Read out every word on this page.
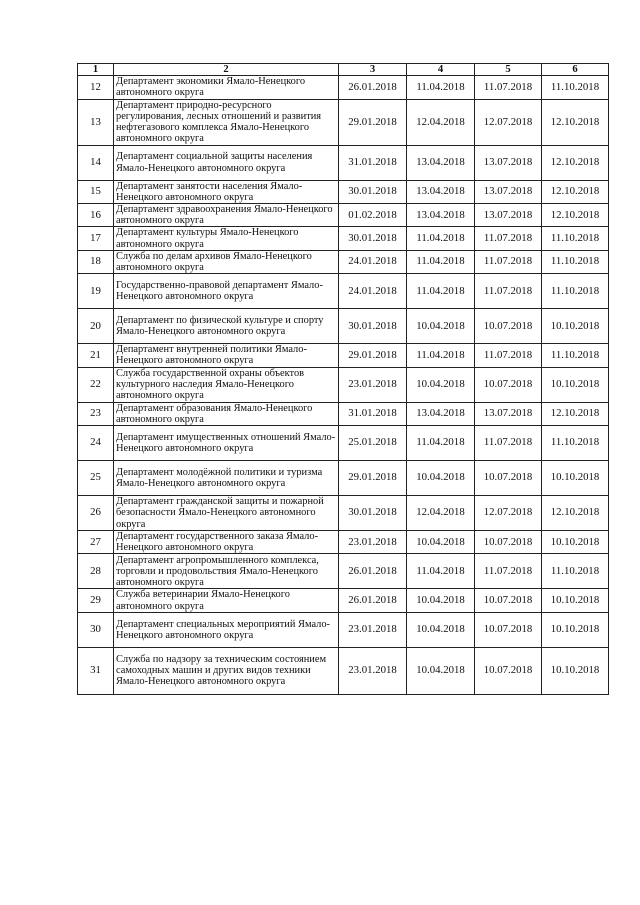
1	2	3	4	5	6
12	Департамент экономики Ямало-Ненецкого автономного округа	26.01.2018	11.04.2018	11.07.2018	11.10.2018
13	Департамент природно-ресурсного регулирования, лесных отношений и развития нефтегазового комплекса Ямало-Ненецкого автономного округа	29.01.2018	12.04.2018	12.07.2018	12.10.2018
14	Департамент социальной защиты населения Ямало-Ненецкого автономного округа	31.01.2018	13.04.2018	13.07.2018	12.10.2018
15	Департамент занятости населения Ямало-Ненецкого автономного округа	30.01.2018	13.04.2018	13.07.2018	12.10.2018
16	Департамент здравоохранения Ямало-Ненецкого автономного округа	01.02.2018	13.04.2018	13.07.2018	12.10.2018
17	Департамент культуры Ямало-Ненецкого автономного округа	30.01.2018	11.04.2018	11.07.2018	11.10.2018
18	Служба по делам архивов Ямало-Ненецкого автономного округа	24.01.2018	11.04.2018	11.07.2018	11.10.2018
19	Государственно-правовой департамент Ямало-Ненецкого автономного округа	24.01.2018	11.04.2018	11.07.2018	11.10.2018
20	Департамент по физической культуре и спорту Ямало-Ненецкого автономного округа	30.01.2018	10.04.2018	10.07.2018	10.10.2018
21	Департамент внутренней политики Ямало-Ненецкого автономного округа	29.01.2018	11.04.2018	11.07.2018	11.10.2018
22	Служба государственной охраны объектов культурного наследия Ямало-Ненецкого автономного округа	23.01.2018	10.04.2018	10.07.2018	10.10.2018
23	Департамент образования Ямало-Ненецкого автономного округа	31.01.2018	13.04.2018	13.07.2018	12.10.2018
24	Департамент имущественных отношений Ямало-Ненецкого автономного округа	25.01.2018	11.04.2018	11.07.2018	11.10.2018
25	Департамент молодёжной политики и туризма Ямало-Ненецкого автономного округа	29.01.2018	10.04.2018	10.07.2018	10.10.2018
26	Департамент гражданской защиты и пожарной безопасности Ямало-Ненецкого автономного округа	30.01.2018	12.04.2018	12.07.2018	12.10.2018
27	Департамент государственного заказа Ямало-Ненецкого автономного округа	23.01.2018	10.04.2018	10.07.2018	10.10.2018
28	Департамент агропромышленного комплекса, торговли и продовольствия Ямало-Ненецкого автономного округа	26.01.2018	11.04.2018	11.07.2018	11.10.2018
29	Служба ветеринарии Ямало-Ненецкого автономного округа	26.01.2018	10.04.2018	10.07.2018	10.10.2018
30	Департамент специальных мероприятий Ямало-Ненецкого автономного округа	23.01.2018	10.04.2018	10.07.2018	10.10.2018
31	Служба по надзору за техническим состоянием самоходных машин и других видов техники Ямало-Ненецкого автономного округа	23.01.2018	10.04.2018	10.07.2018	10.10.2018
